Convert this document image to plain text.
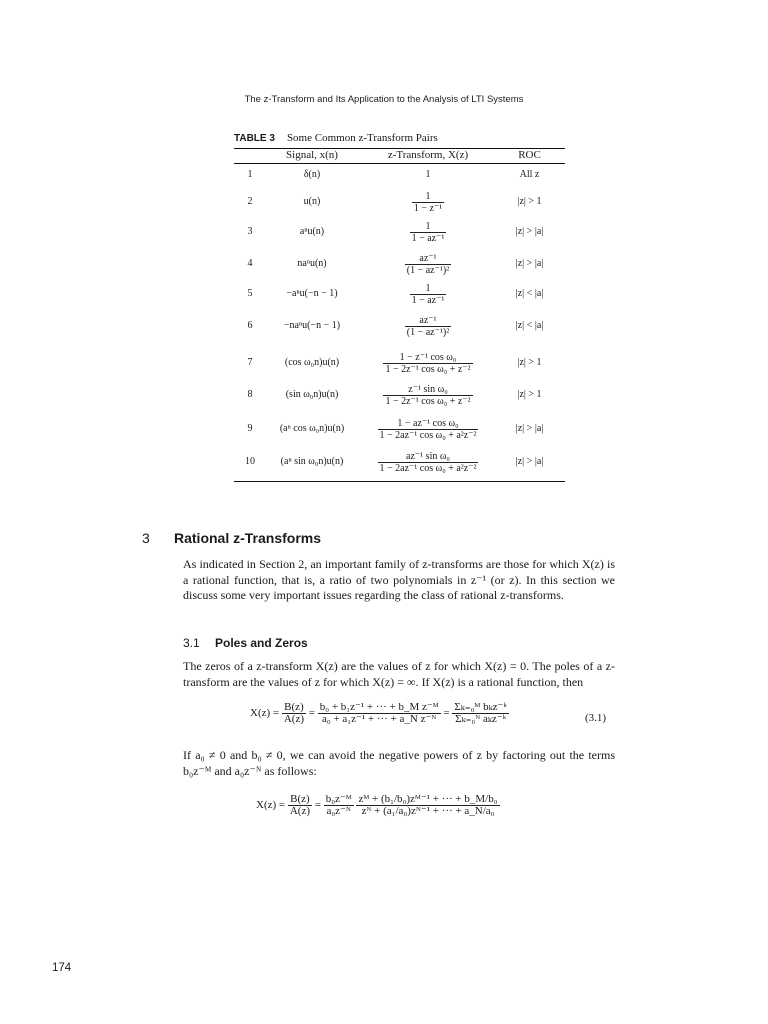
The z-Transform and Its Application to the Analysis of LTI Systems
TABLE 3 Some Common z-Transform Pairs
Signal, x(n)	z-Transform, X(z)	ROC
1	δ(n)	1	All z
2	u(n)	$\frac{1}{\text{1 − z⁻¹}}$	|z| > 1
3	aⁿu(n)	$\frac{1}{\text{1 − az⁻¹}}$	|z| > |a|
4	naⁿu(n)	$\frac{\text{az⁻¹}}{\text{(1 − az⁻¹)²}}$	|z| > |a|
5	−aⁿu(−n − 1)	$\frac{1}{\text{1 − az⁻¹}}$	|z| < |a|
6	−naⁿu(−n − 1)	$\frac{\text{az⁻¹}}{\text{(1 − az⁻¹)²}}$	|z| < |a|
7	(cos ω₀n)u(n)	$\frac{\text{1 − z⁻¹ cos ω₀}}{\text{1 − 2z⁻¹ cos ω₀ + z⁻²}}$	|z| > 1
8	(sin ω₀n)u(n)	$\frac{\text{z⁻¹ sin ω₀}}{\text{1 − 2z⁻¹ cos ω₀ + z⁻²}}$	|z| > 1
9	(aⁿ cos ω₀n)u(n)	$\frac{\text{1 − az⁻¹ cos ω₀}}{\text{1 − 2az⁻¹ cos ω₀ + a²z⁻²}}$	|z| > |a|
10	(aⁿ sin ω₀n)u(n)	$\frac{\text{az⁻¹ sin ω₀}}{\text{1 − 2az⁻¹ cos ω₀ + a²z⁻²}}$	|z| > |a|
3 Rational z-Transforms
As indicated in Section 2, an important family of z-transforms are those for which X(z) is a rational function, that is, a ratio of two polynomials in z⁻¹ (or z). In this section we discuss some very important issues regarding the class of rational z-transforms.
3.1 Poles and Zeros
The zeros of a z-transform X(z) are the values of z for which X(z) = 0. The poles of a z-transform are the values of z for which X(z) = ∞. If X(z) is a rational function, then
$X(z) = \frac{B(z)}{A(z)} = \frac{\text{b₀ + b₁z⁻¹ + ··· + b\_M z⁻ᴹ}}{\text{a₀ + a₁z⁻¹ + ··· + a\_N z⁻ᴺ}} = \frac{\text{Σₖ₌₀ᴹ bₖz⁻ᵏ}}{\text{Σₖ₌₀ᴺ aₖz⁻ᵏ}}$	(3.1)
If a₀ ≠ 0 and b₀ ≠ 0, we can avoid the negative powers of z by factoring out the terms b₀z⁻ᴹ and a₀z⁻ᴺ as follows:
$X(z) = \frac{B(z)}{A(z)} = \frac{\text{b₀z⁻ᴹ}}{\text{a₀z⁻ᴺ}}$
$\frac{\text{zᴹ + (b₁/b₀)zᴹ⁻¹ + ··· + b\_M/b₀}}{\text{zᴺ + (a₁/a₀)zᴺ⁻¹ + ··· + a\_N/a₀}}$
174
